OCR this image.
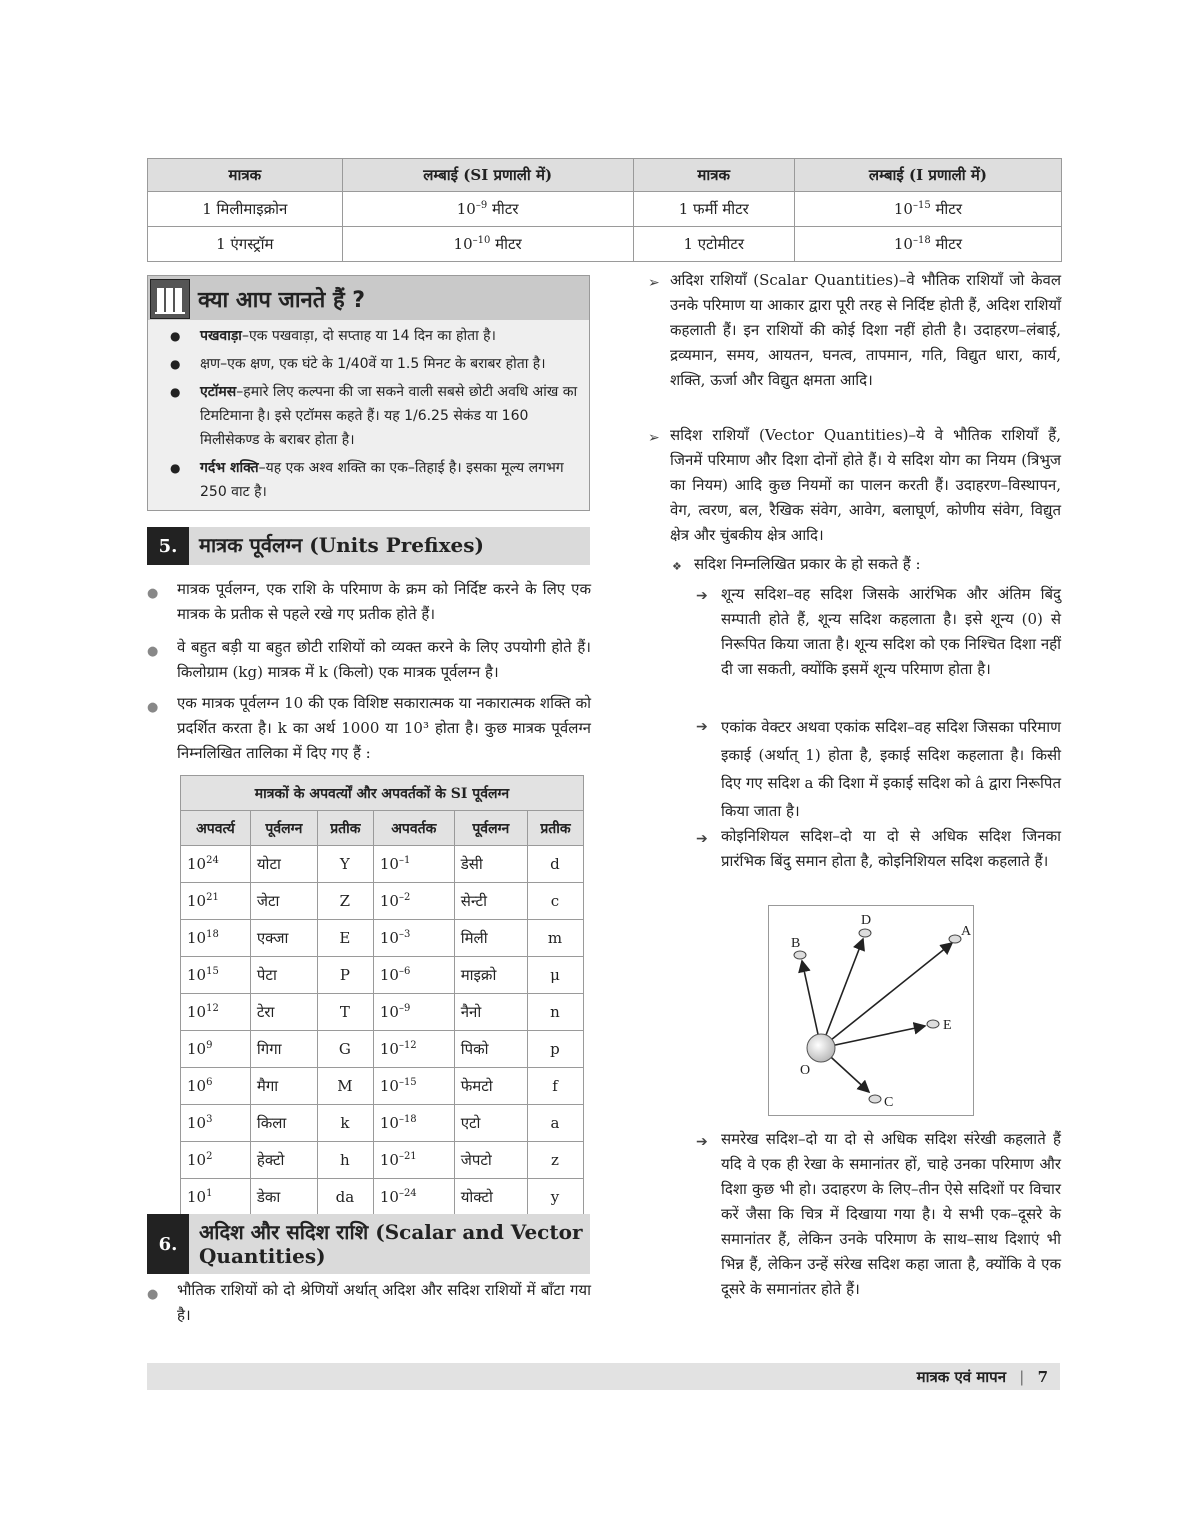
मात्रक	लम्बाई (SI प्रणाली में)	मात्रक	लम्बाई (I प्रणाली में)
1 मिलीमाइक्रोन	$10^{-9}$ मीटर	1 फर्मी मीटर	$10^{-15}$ मीटर
1 एंगस्ट्रॉम	$10^{-10}$ मीटर	1 एटोमीटर	$10^{-18}$ मीटर
क्या आप जानते हैं ?
● पखवाड़ा–एक पखवाड़ा, दो सप्ताह या 14 दिन का होता है।
● क्षण–एक क्षण, एक घंटे के 1/40वें या 1.5 मिनट के बराबर होता है।
● एटॉमस–हमारे लिए कल्पना की जा सकने वाली सबसे छोटी अवधि आंख का टिमटिमाना है। इसे एटॉमस कहते हैं। यह 1/6.25 सेकंड या 160 मिलीसेकण्ड के बराबर होता है।
● गर्दभ शक्ति–यह एक अश्व शक्ति का एक–तिहाई है। इसका मूल्य लगभग 250 वाट है।
5.	मात्रक पूर्वलग्न (Units Prefixes)
● मात्रक पूर्वलग्न, एक राशि के परिमाण के क्रम को निर्दिष्ट करने के लिए एक मात्रक के प्रतीक से पहले रखे गए प्रतीक होते हैं।
● वे बहुत बड़ी या बहुत छोटी राशियों को व्यक्त करने के लिए उपयोगी होते हैं। किलोग्राम (kg) मात्रक में k (किलो) एक मात्रक पूर्वलग्न है।
● एक मात्रक पूर्वलग्न 10 की एक विशिष्ट सकारात्मक या नकारात्मक शक्ति को प्रदर्शित करता है। k का अर्थ 1000 या 10³ होता है। कुछ मात्रक पूर्वलग्न निम्नलिखित तालिका में दिए गए हैं :
मात्रकों के अपवर्त्यों और अपवर्तकों के SI पूर्वलग्न					
अपवर्त्य	पूर्वलग्न	प्रतीक	अपवर्तक	पूर्वलग्न	प्रतीक
$10^{24}$	योटा	Y	$10^{-1}$	डेसी	d
$10^{21}$	जेटा	Z	$10^{-2}$	सेन्टी	c
$10^{18}$	एक्जा	E	$10^{-3}$	मिली	m
$10^{15}$	पेटा	P	$10^{-6}$	माइक्रो	μ
$10^{12}$	टेरा	T	$10^{-9}$	नैनो	n
$10^9$	गिगा	G	$10^{-12}$	पिको	p
$10^6$	मैगा	M	$10^{-15}$	फेमटो	f
$10^3$	किला	k	$10^{-18}$	एटो	a
$10^2$	हेक्टो	h	$10^{-21}$	जेपटो	z
$10^1$	डेका	da	$10^{-24}$	योक्टो	y
6.	अदिश और सदिश राशि (Scalar and Vector Quantities)
● भौतिक राशियों को दो श्रेणियों अर्थात् अदिश और सदिश राशियों में बाँटा गया है।
➢ अदिश राशियाँ (Scalar Quantities)–वे भौतिक राशियाँ जो केवल उनके परिमाण या आकार द्वारा पूरी तरह से निर्दिष्ट होती हैं, अदिश राशियाँ कहलाती हैं। इन राशियों की कोई दिशा नहीं होती है। उदाहरण–लंबाई, द्रव्यमान, समय, आयतन, घनत्व, तापमान, गति, विद्युत धारा, कार्य, शक्ति, ऊर्जा और विद्युत क्षमता आदि।
➢ सदिश राशियाँ (Vector Quantities)–ये वे भौतिक राशियाँ हैं, जिनमें परिमाण और दिशा दोनों होते हैं। ये सदिश योग का नियम (त्रिभुज का नियम) आदि कुछ नियमों का पालन करती हैं। उदाहरण–विस्थापन, वेग, त्वरण, बल, रैखिक संवेग, आवेग, बलाघूर्ण, कोणीय संवेग, विद्युत क्षेत्र और चुंबकीय क्षेत्र आदि।
❖ सदिश निम्नलिखित प्रकार के हो सकते हैं :
➔ शून्य सदिश–वह सदिश जिसके आरंभिक और अंतिम बिंदु सम्पाती होते हैं, शून्य सदिश कहलाता है। इसे शून्य (0) से निरूपित किया जाता है। शून्य सदिश को एक निश्चित दिशा नहीं दी जा सकती, क्योंकि इसमें शून्य परिमाण होता है।
➔ एकांक वेक्टर अथवा एकांक सदिश–वह सदिश जिसका परिमाण इकाई (अर्थात् 1) होता है, इकाई सदिश कहलाता है। किसी दिए गए सदिश a की दिशा में इकाई सदिश को â द्वारा निरूपित किया जाता है।
➔ कोइनिशियल सदिश–दो या दो से अधिक सदिश जिनका प्रारंभिक बिंदु समान होता है, कोइनिशियल सदिश कहलाते हैं।
O
A
B
C
D
E
➔ समरेख सदिश–दो या दो से अधिक सदिश संरेखी कहलाते हैं यदि वे एक ही रेखा के समानांतर हों, चाहे उनका परिमाण और दिशा कुछ भी हो। उदाहरण के लिए–तीन ऐसे सदिशों पर विचार करें जैसा कि चित्र में दिखाया गया है। ये सभी एक–दूसरे के समानांतर हैं, लेकिन उनके परिमाण के साथ–साथ दिशाएं भी भिन्न हैं, लेकिन उन्हें संरेख सदिश कहा जाता है, क्योंकि वे एक दूसरे के समानांतर होते हैं।
मात्रक एवं मापन | 7
